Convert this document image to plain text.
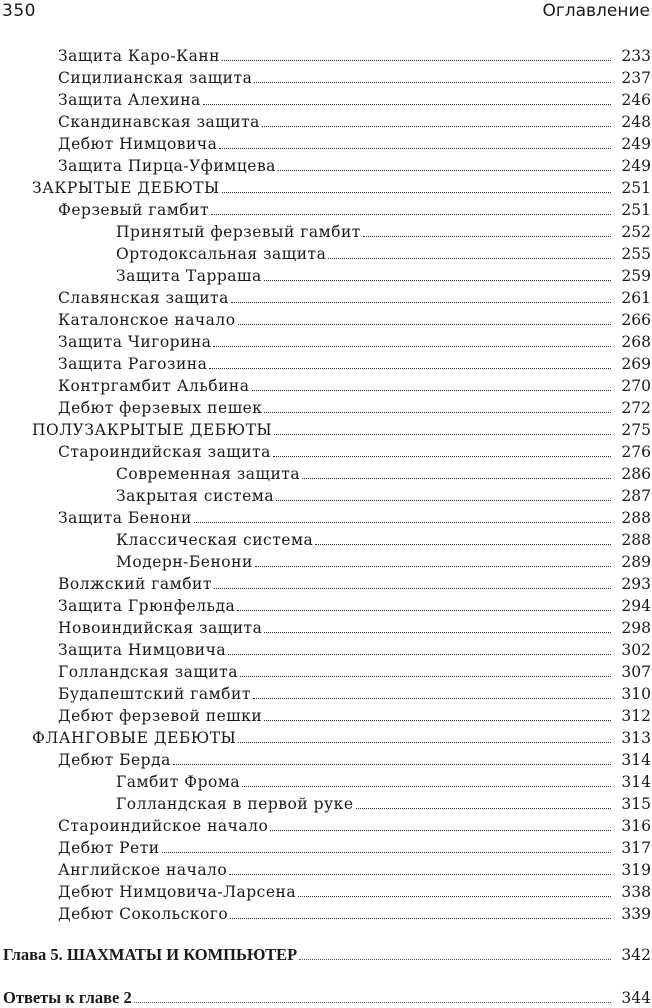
350	Оглавление
Защита Каро-Канн	233
Сицилианская защита	237
Защита Алехина	246
Скандинавская защита	248
Дебют Нимцовича	249
Защита Пирца-Уфимцева	249
ЗАКРЫТЫЕ ДЕБЮТЫ	251
Ферзевый гамбит	251
Принятый ферзевый гамбит	252
Ортодоксальная защита	255
Защита Тарраша	259
Славянская защита	261
Каталонское начало	266
Защита Чигорина	268
Защита Рагозина	269
Контргамбит Альбина	270
Дебют ферзевых пешек	272
ПОЛУЗАКРЫТЫЕ ДЕБЮТЫ	275
Староиндийская защита	276
Современная защита	286
Закрытая система	287
Защита Бенони	288
Классическая система	288
Модерн-Бенони	289
Волжский гамбит	293
Защита Грюнфельда	294
Новоиндийская защита	298
Защита Нимцовича	302
Голландская защита	307
Будапештский гамбит	310
Дебют ферзевой пешки	312
ФЛАНГОВЫЕ ДЕБЮТЫ	313
Дебют Берда	314
Гамбит Фрома	314
Голландская в первой руке	315
Староиндийское начало	316
Дебют Рети	317
Английское начало	319
Дебют Нимцовича-Ларсена	338
Дебют Сокольского	339
Глава 5. ШАХМАТЫ И КОМПЬЮТЕР	342
Ответы к главе 2	344
